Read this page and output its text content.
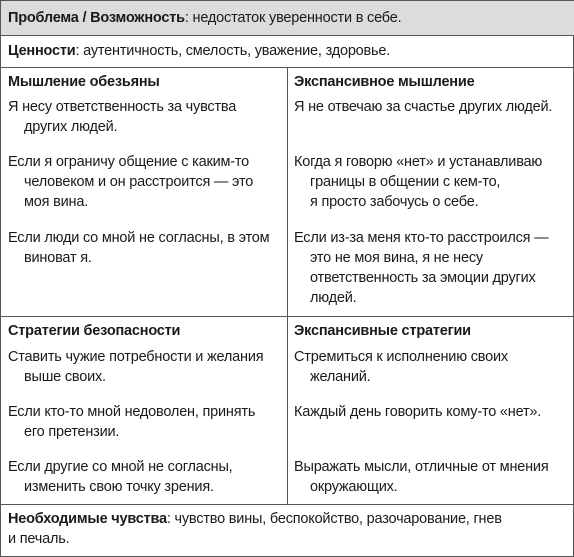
Проблема / Возможность: недостаток уверенности в себе.
Ценности: аутентичность, смелость, уважение, здоровье.
Мышление обезьяны	Экспансивное мышление
Я несу ответственность за чувства
другиx людей.
Я не отвечаю за счастье других людей.
Если я ограничу общение с каким-то
человеком и он расстроится — это
моя вина.
Когда я говорю «нет» и устанавливаю
границы в общении с кем-то,
я просто забочусь о себе.
Если люди со мной не согласны, в этом
виноват я.
Если из-за меня кто-то расстроился —
это не моя вина, я не несу
ответственность за эмоции других
людей.
Стратегии безопасности	Экспансивные стратегии
Ставить чужие потребности и желания
выше своих.
Стремиться к исполнению своих
желаний.
Если кто-то мной недоволен, принять
его претензии.
Каждый день говорить кому-то «нет».
Если другие со мной не согласны,
изменить свою точку зрения.
Выражать мысли, отличные от мнения
окружающих.
Необходимые чувства: чувство вины, беспокойство, разочарование, гнев
и печаль.
